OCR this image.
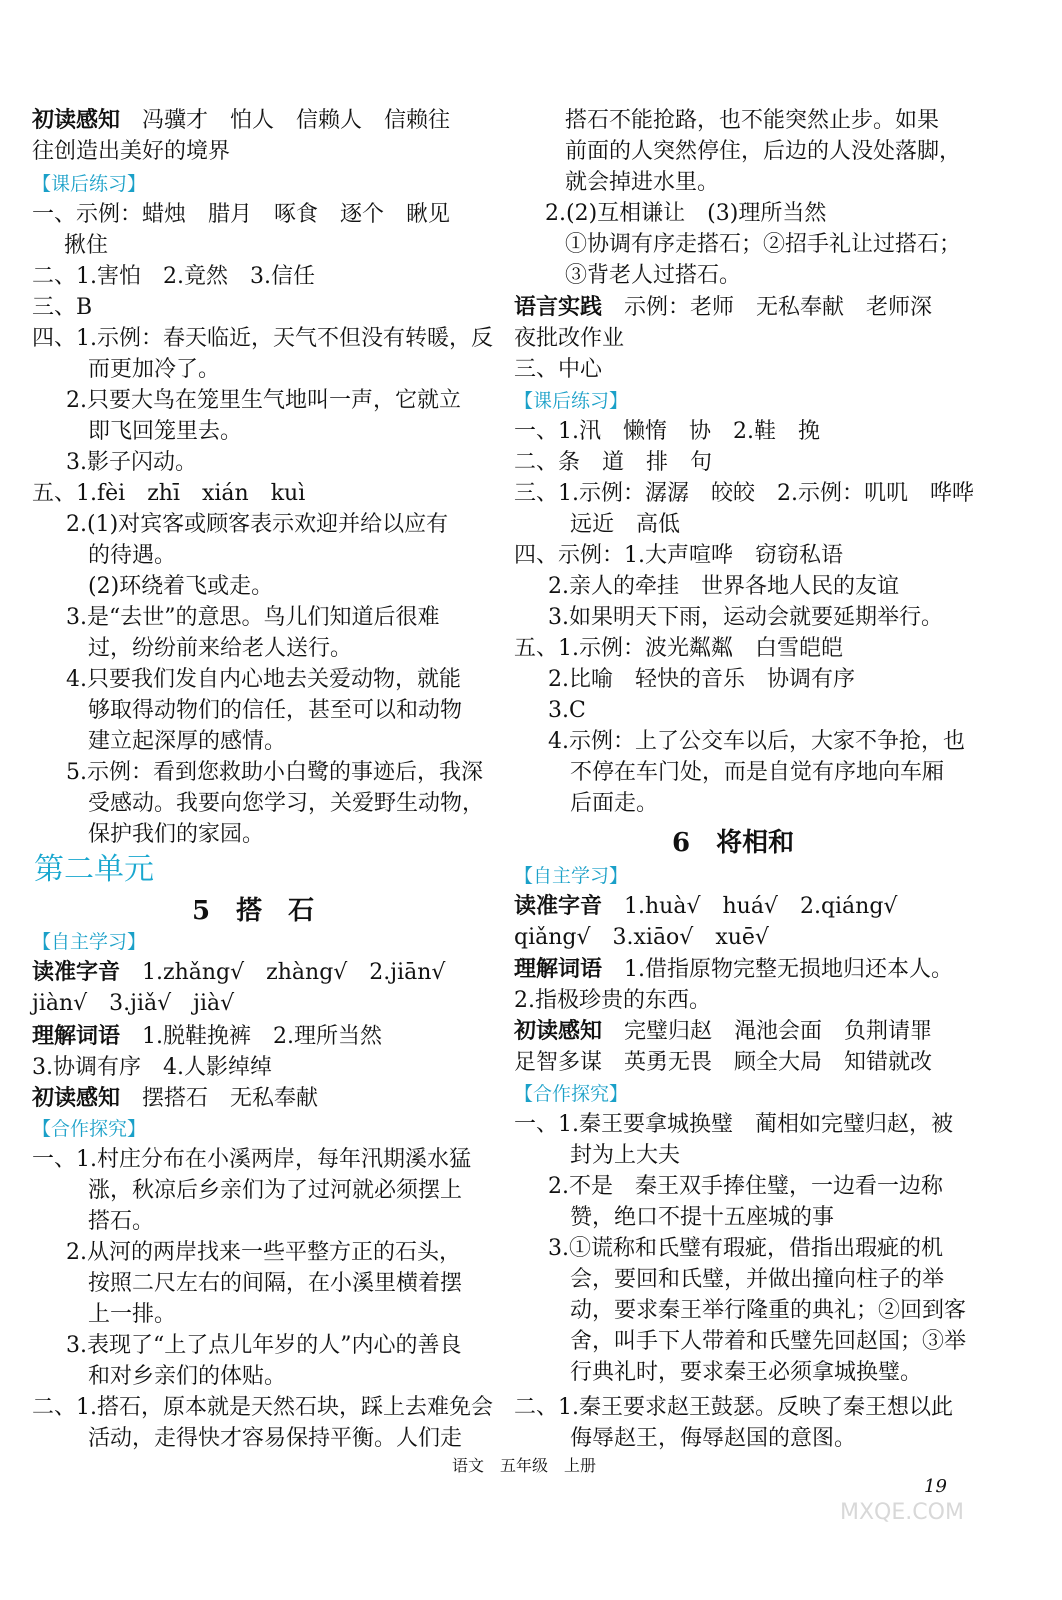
语文　五年级　上册
19
MXQE.COM
初读感知　冯骥才　怕人　信赖人　信赖往
往创造出美好的境界
【课后练习】
一、示例：蜡烛　腊月　啄食　逐个　瞅见
揪住
二、1.害怕　2.竟然　3.信任
三、B
四、1.示例：春天临近，天气不但没有转暖，反
而更加冷了。
2.只要大鸟在笼里生气地叫一声，它就立
即飞回笼里去。
3.影子闪动。
五、1.fèi　zhī　xián　kuì
2.(1)对宾客或顾客表示欢迎并给以应有
的待遇。
(2)环绕着飞或走。
3.是“去世”的意思。鸟儿们知道后很难
过，纷纷前来给老人送行。
4.只要我们发自内心地去关爱动物，就能
够取得动物们的信任，甚至可以和动物
建立起深厚的感情。
5.示例：看到您救助小白鹭的事迹后，我深
受感动。我要向您学习，关爱野生动物，
保护我们的家园。
第二单元
5　搭　石
【自主学习】
读准字音　1.zhǎng√　zhàng√　2.jiān√
jiàn√　3.jiǎ√　jià√
理解词语　1.脱鞋挽裤　2.理所当然
3.协调有序　4.人影绰绰
初读感知　摆搭石　无私奉献
【合作探究】
一、1.村庄分布在小溪两岸，每年汛期溪水猛
涨，秋凉后乡亲们为了过河就必须摆上
搭石。
2.从河的两岸找来一些平整方正的石头，
按照二尺左右的间隔，在小溪里横着摆
上一排。
3.表现了“上了点儿年岁的人”内心的善良
和对乡亲们的体贴。
二、1.搭石，原本就是天然石块，踩上去难免会
活动，走得快才容易保持平衡。人们走
搭石不能抢路，也不能突然止步。如果
前面的人突然停住，后边的人没处落脚，
就会掉进水里。
2.(2)互相谦让　(3)理所当然
①协调有序走搭石；②招手礼让过搭石；
③背老人过搭石。
语言实践　示例：老师　无私奉献　老师深
夜批改作业
三、中心
【课后练习】
一、1.汛　懒惰　协　2.鞋　挽
二、条　道　排　句
三、1.示例：潺潺　皎皎　2.示例：叽叽　哗哗
远近　高低
四、示例：1.大声喧哗　窃窃私语
2.亲人的牵挂　世界各地人民的友谊
3.如果明天下雨，运动会就要延期举行。
五、1.示例：波光粼粼　白雪皑皑
2.比喻　轻快的音乐　协调有序
3.C
4.示例：上了公交车以后，大家不争抢，也
不停在车门处，而是自觉有序地向车厢
后面走。
6　将相和
【自主学习】
读准字音　1.huà√　huá√　2.qiáng√
qiǎng√　3.xiāo√　xuē√
理解词语　1.借指原物完整无损地归还本人。
2.指极珍贵的东西。
初读感知　完璧归赵　渑池会面　负荆请罪
足智多谋　英勇无畏　顾全大局　知错就改
【合作探究】
一、1.秦王要拿城换璧　蔺相如完璧归赵，被
封为上大夫
2.不是　秦王双手捧住璧，一边看一边称
赞，绝口不提十五座城的事
3.①谎称和氏璧有瑕疵，借指出瑕疵的机
会，要回和氏璧，并做出撞向柱子的举
动，要求秦王举行隆重的典礼；②回到客
舍，叫手下人带着和氏璧先回赵国；③举
行典礼时，要求秦王必须拿城换璧。
二、1.秦王要求赵王鼓瑟。反映了秦王想以此
侮辱赵王，侮辱赵国的意图。
